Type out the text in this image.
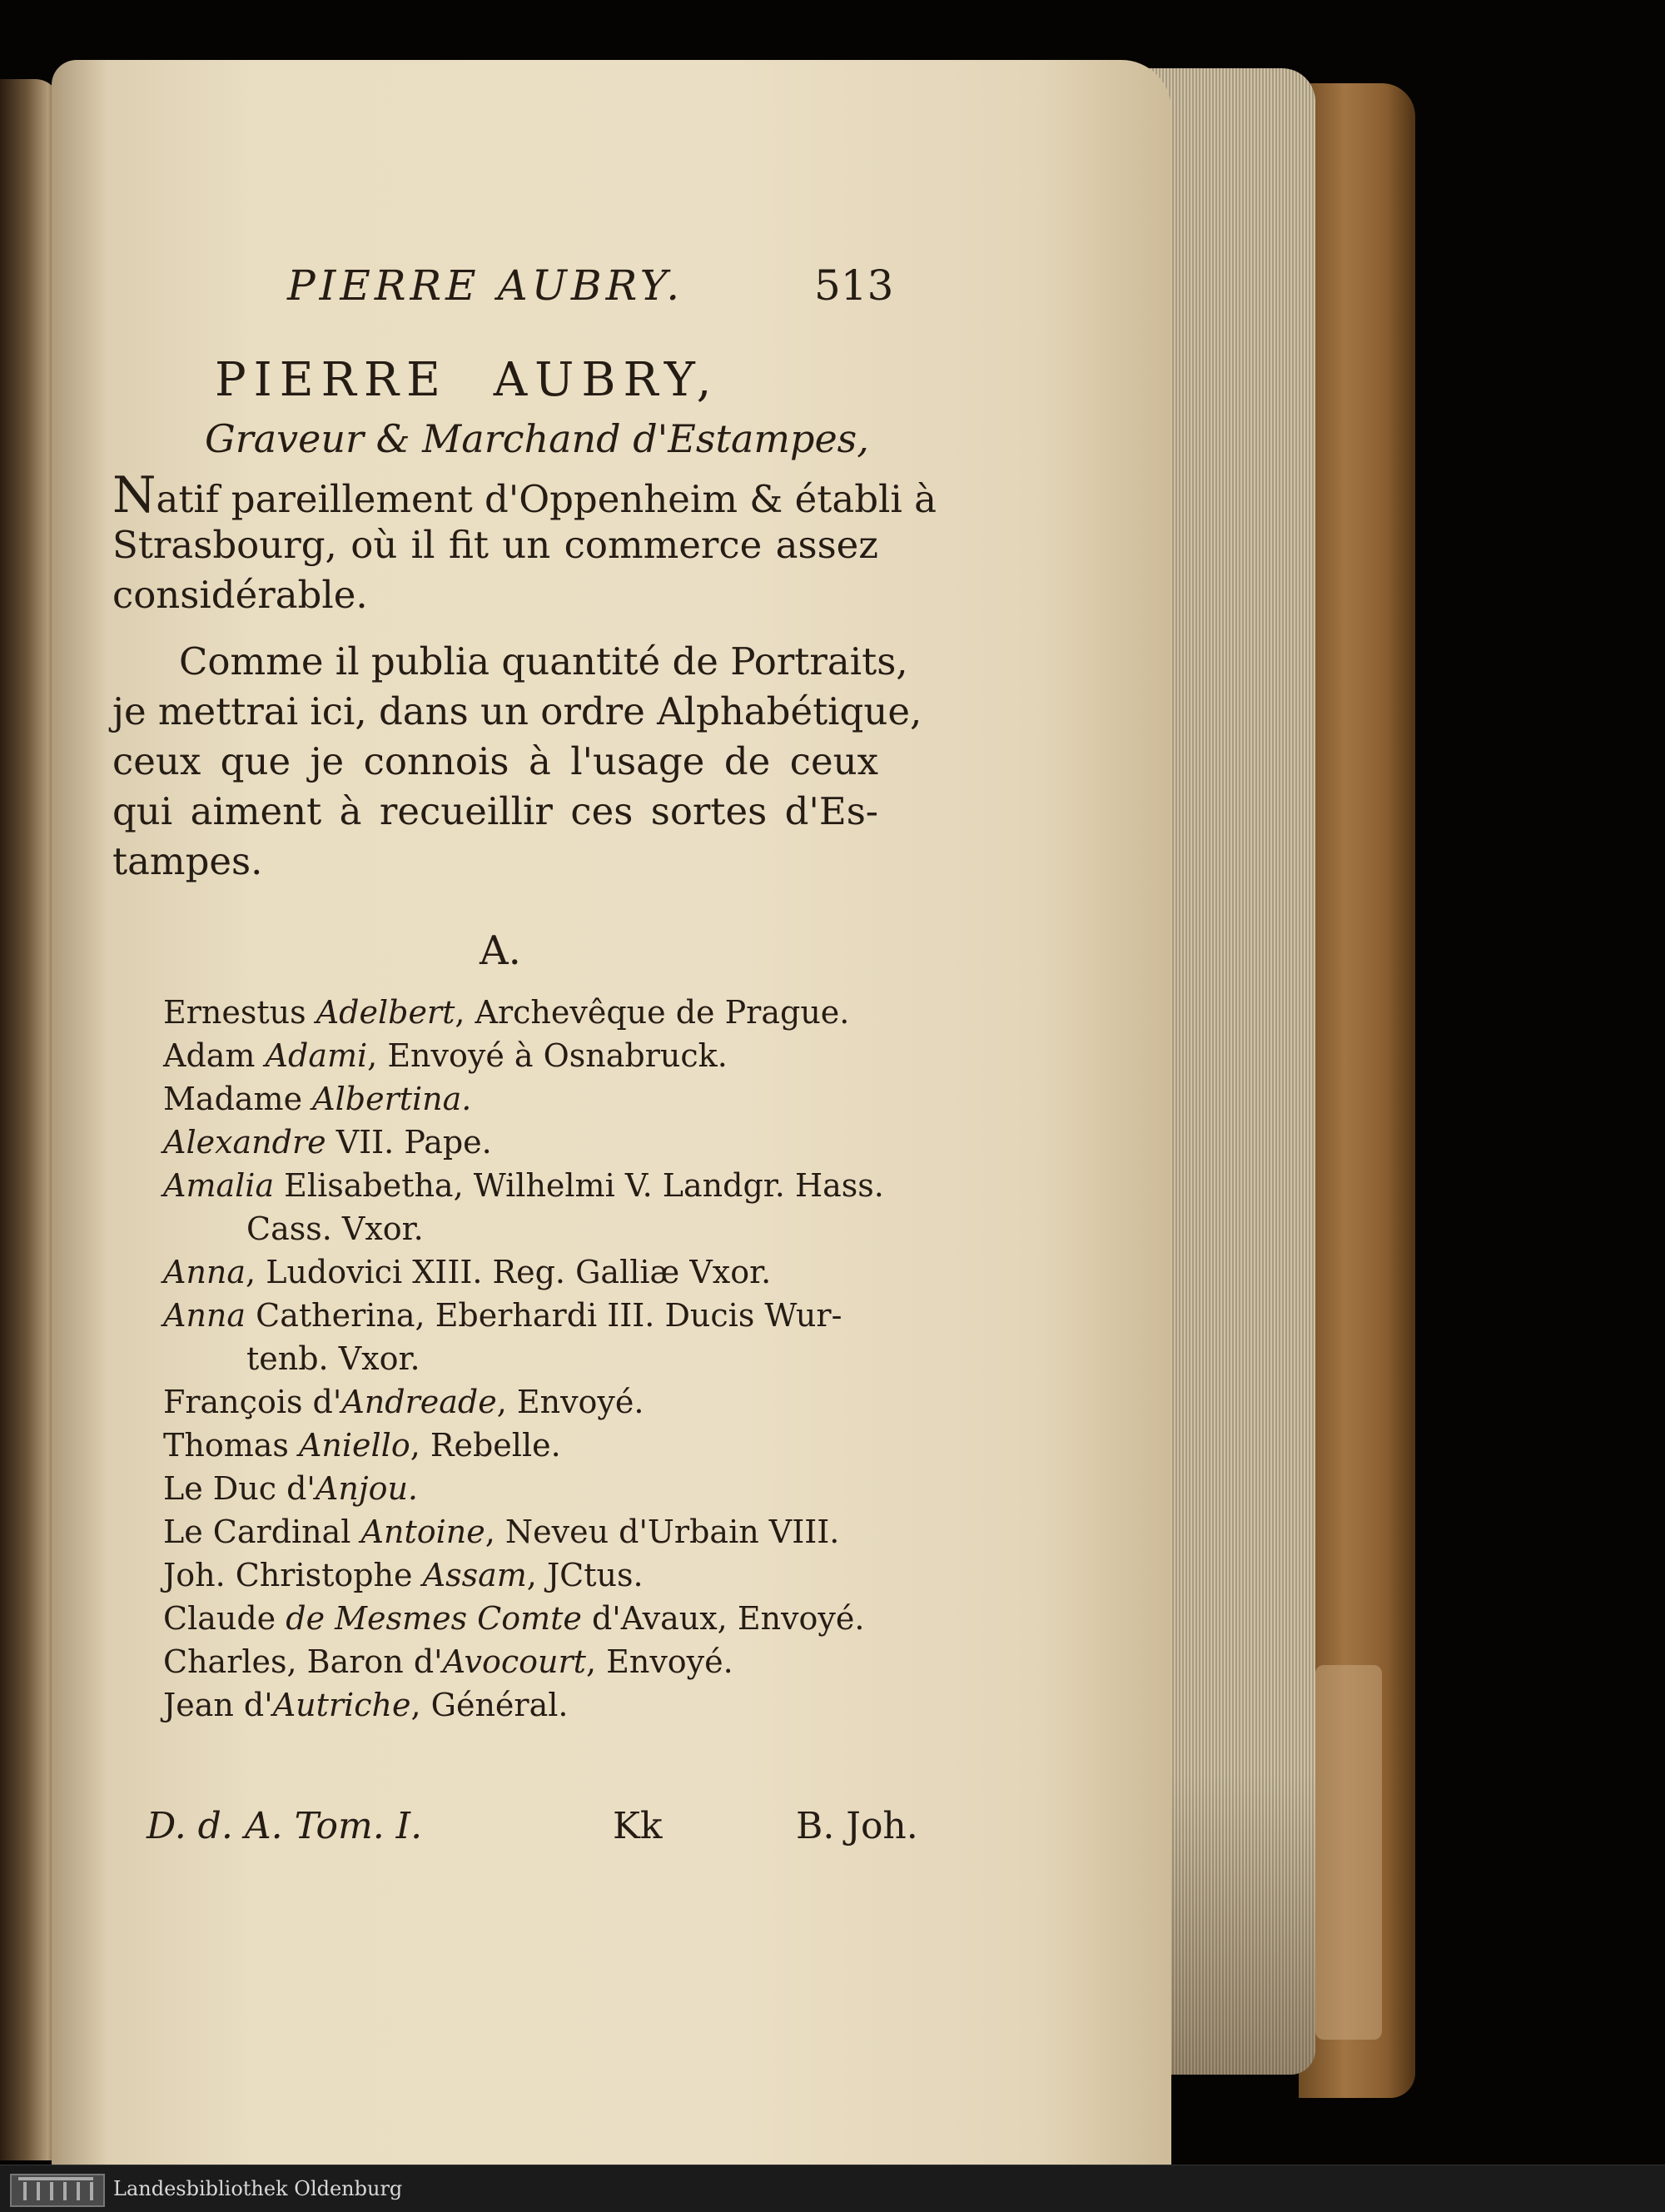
PIERRE AUBRY.	513
PIERRE AUBRY,
Graveur & Marchand d'Estampes,
Natif pareillement d'Oppenheim & établi à
Strasbourg, où il fit un commerce assez
considérable.
Comme il publia quantité de Portraits,
je mettrai ici, dans un ordre Alphabétique,
ceux que je connois à l'usage de ceux
qui aiment à recueillir ces sortes d'Es-
tampes.
A.
Ernestus Adelbert, Archevêque de Prague.
Adam Adami, Envoyé à Osnabruck.
Madame Albertina.
Alexandre VII. Pape.
Amalia Elisabetha, Wilhelmi V. Landgr. Hass.
Cass. Vxor.
Anna, Ludovici XIII. Reg. Galliæ Vxor.
Anna Catherina, Eberhardi III. Ducis Wur-
tenb. Vxor.
François d'Andreade, Envoyé.
Thomas Aniello, Rebelle.
Le Duc d'Anjou.
Le Cardinal Antoine, Neveu d'Urbain VIII.
Joh. Christophe Assam, JCtus.
Claude de Mesmes Comte d'Avaux, Envoyé.
Charles, Baron d'Avocourt, Envoyé.
Jean d'Autriche, Général.
D. d. A. Tom. I.	Kk	B. Joh.
Landesbibliothek Oldenburg
